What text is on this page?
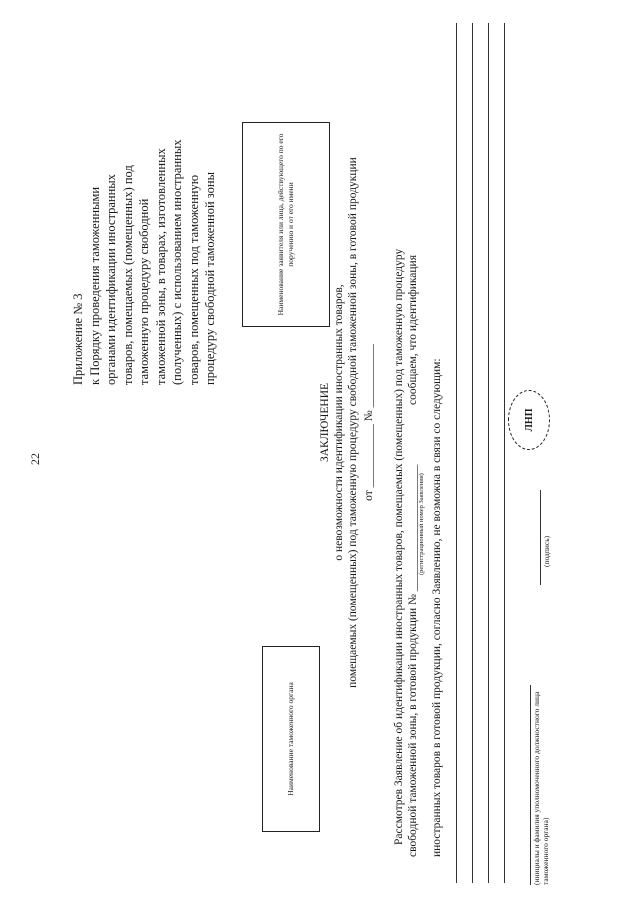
22
Приложение № 3 к Порядку проведения таможенными органами идентификации иностранных товаров, помещаемых (помещенных) под таможенную процедуру свободной таможенной зоны, в товарах, изготовленных (полученных) с использованием иностранных товаров, помещенных под таможенную процедуру свободной таможенной зоны	Наименование заявителя или лица, действующего по его поручению и от его имени
Наименование таможенного органа
ЗАКЛЮЧЕНИЕ о невозможности идентификации иностранных товаров, помещаемых (помещенных) под таможенную процедуру свободной таможенной зоны, в готовой продукции от ___________ № ___________ Рассмотрев Заявление об идентификации иностранных товаров, помещаемых (помещенных) под таможенную процедуру свободной таможенной зоны, в готовой продукции № ______________________
сообщаем, что идентификация
(регистрационный номер Заявления) иностранных товаров в готовой продукции, согласно Заявлению, не возможна в связи со следующим:	ЛНП
(подпись)
(инициалы и фамилия уполномоченного должностного лица таможенного органа)
